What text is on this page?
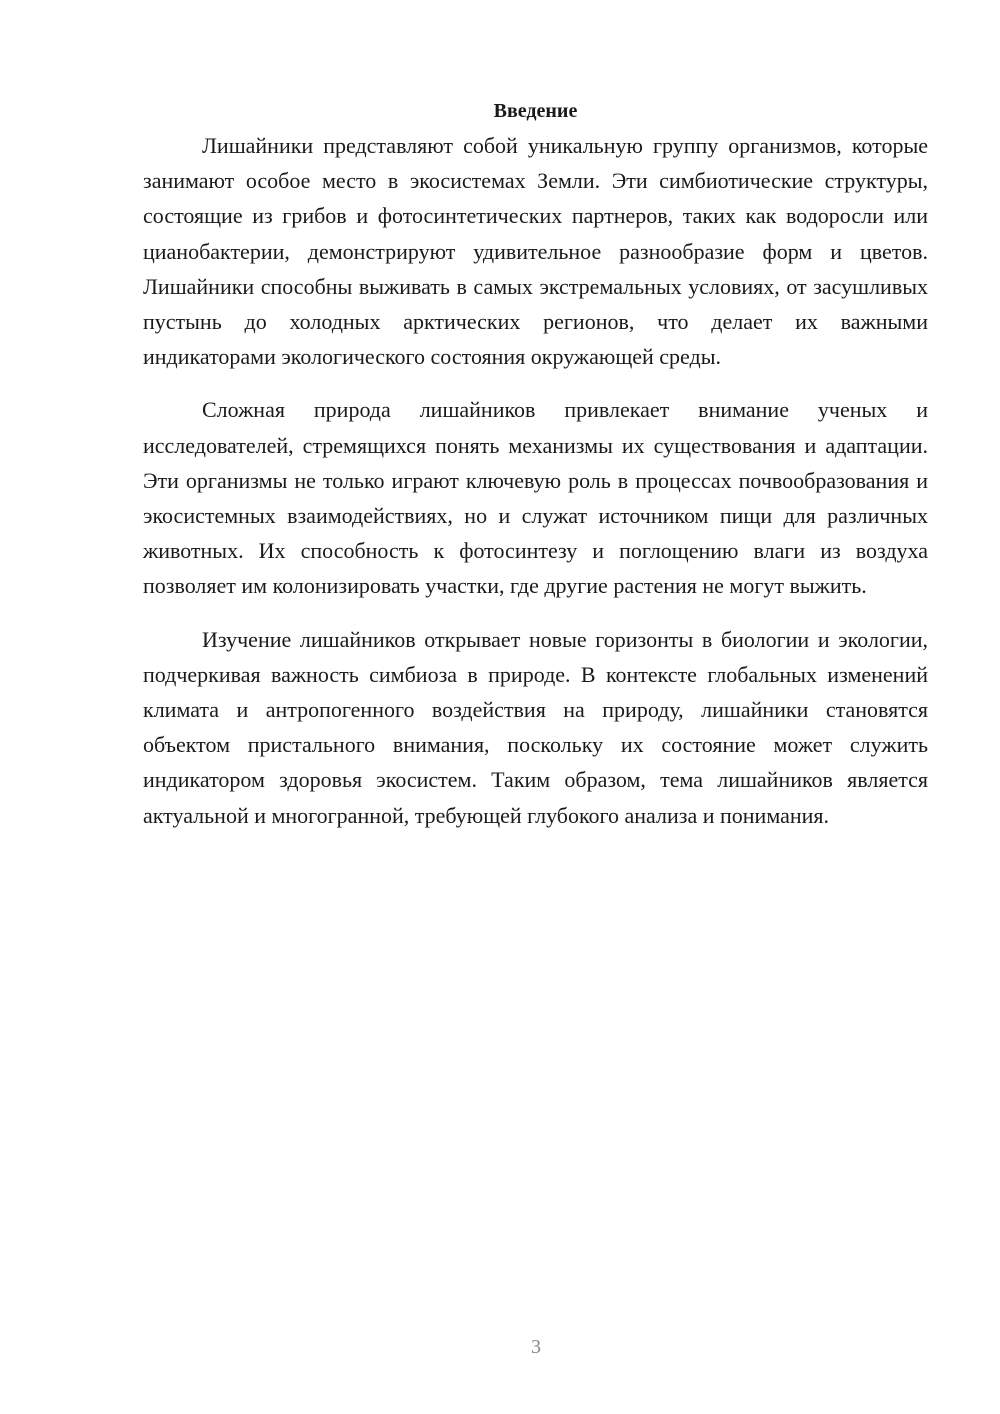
Введение

Лишайники представляют собой уникальную группу организмов, которые занимают особое место в экосистемах Земли. Эти симбиотические структуры, состоящие из грибов и фотосинтетических партнеров, таких как водоросли или цианобактерии, демонстрируют удивительное разнообразие форм и цветов. Лишайники способны выживать в самых экстремальных условиях, от засушливых пустынь до холодных арктических регионов, что делает их важными индикаторами экологического состояния окружающей среды.

Сложная природа лишайников привлекает внимание ученых и исследователей, стремящихся понять механизмы их существования и адаптации. Эти организмы не только играют ключевую роль в процессах почвообразования и экосистемных взаимодействиях, но и служат источником пищи для различных животных. Их способность к фотосинтезу и поглощению влаги из воздуха позволяет им колонизировать участки, где другие растения не могут выжить.

Изучение лишайников открывает новые горизонты в биологии и экологии, подчеркивая важность симбиоза в природе. В контексте глобальных изменений климата и антропогенного воздействия на природу, лишайники становятся объектом пристального внимания, поскольку их состояние может служить индикатором здоровья экосистем. Таким образом, тема лишайников является актуальной и многогранной, требующей глубокого анализа и понимания.

3
